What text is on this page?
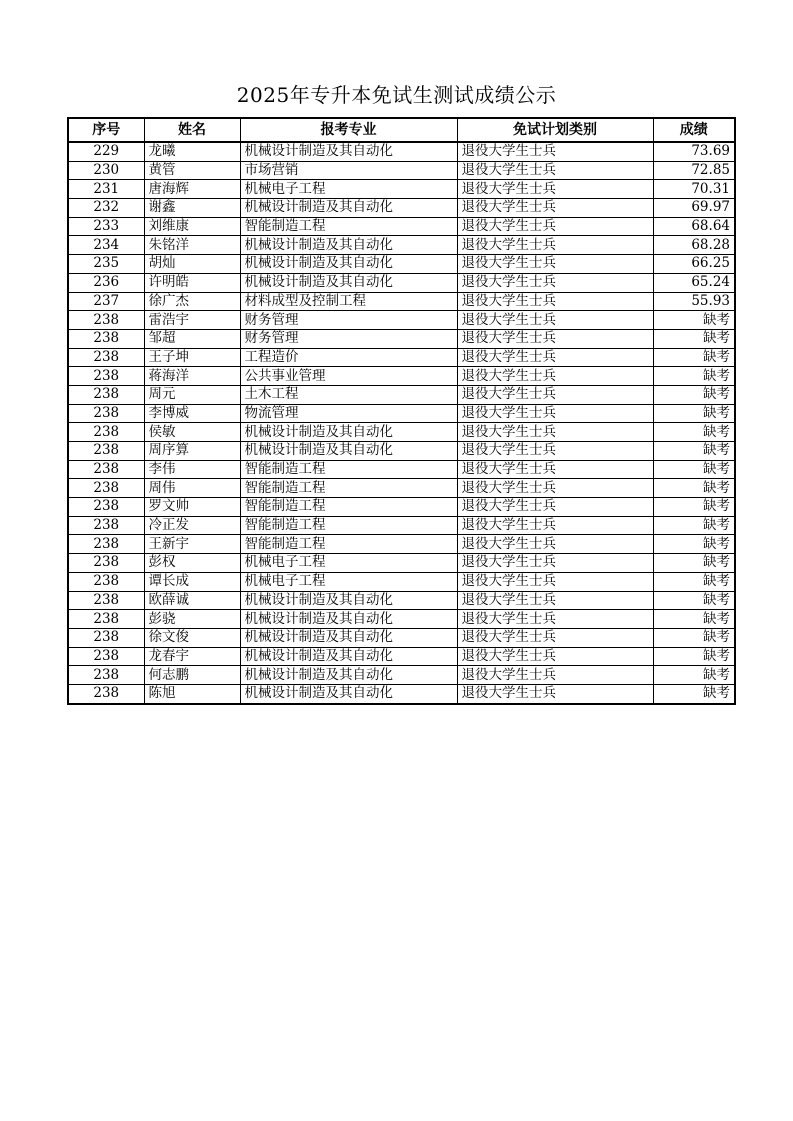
2025年专升本免试生测试成绩公示
序号	姓名	报考专业	免试计划类别	成绩
229	龙曦	机械设计制造及其自动化	退役大学生士兵	73.69
230	黄管	市场营销	退役大学生士兵	72.85
231	唐海辉	机械电子工程	退役大学生士兵	70.31
232	谢鑫	机械设计制造及其自动化	退役大学生士兵	69.97
233	刘维康	智能制造工程	退役大学生士兵	68.64
234	朱铭洋	机械设计制造及其自动化	退役大学生士兵	68.28
235	胡灿	机械设计制造及其自动化	退役大学生士兵	66.25
236	许明皓	机械设计制造及其自动化	退役大学生士兵	65.24
237	徐广杰	材料成型及控制工程	退役大学生士兵	55.93
238	雷浩宇	财务管理	退役大学生士兵	缺考
238	邹超	财务管理	退役大学生士兵	缺考
238	王子坤	工程造价	退役大学生士兵	缺考
238	蒋海洋	公共事业管理	退役大学生士兵	缺考
238	周元	土木工程	退役大学生士兵	缺考
238	李博威	物流管理	退役大学生士兵	缺考
238	侯敏	机械设计制造及其自动化	退役大学生士兵	缺考
238	周序算	机械设计制造及其自动化	退役大学生士兵	缺考
238	李伟	智能制造工程	退役大学生士兵	缺考
238	周伟	智能制造工程	退役大学生士兵	缺考
238	罗文帅	智能制造工程	退役大学生士兵	缺考
238	冷正发	智能制造工程	退役大学生士兵	缺考
238	王新宇	智能制造工程	退役大学生士兵	缺考
238	彭权	机械电子工程	退役大学生士兵	缺考
238	谭长成	机械电子工程	退役大学生士兵	缺考
238	欧薛诚	机械设计制造及其自动化	退役大学生士兵	缺考
238	彭骁	机械设计制造及其自动化	退役大学生士兵	缺考
238	徐文俊	机械设计制造及其自动化	退役大学生士兵	缺考
238	龙春宇	机械设计制造及其自动化	退役大学生士兵	缺考
238	何志鹏	机械设计制造及其自动化	退役大学生士兵	缺考
238	陈旭	机械设计制造及其自动化	退役大学生士兵	缺考
